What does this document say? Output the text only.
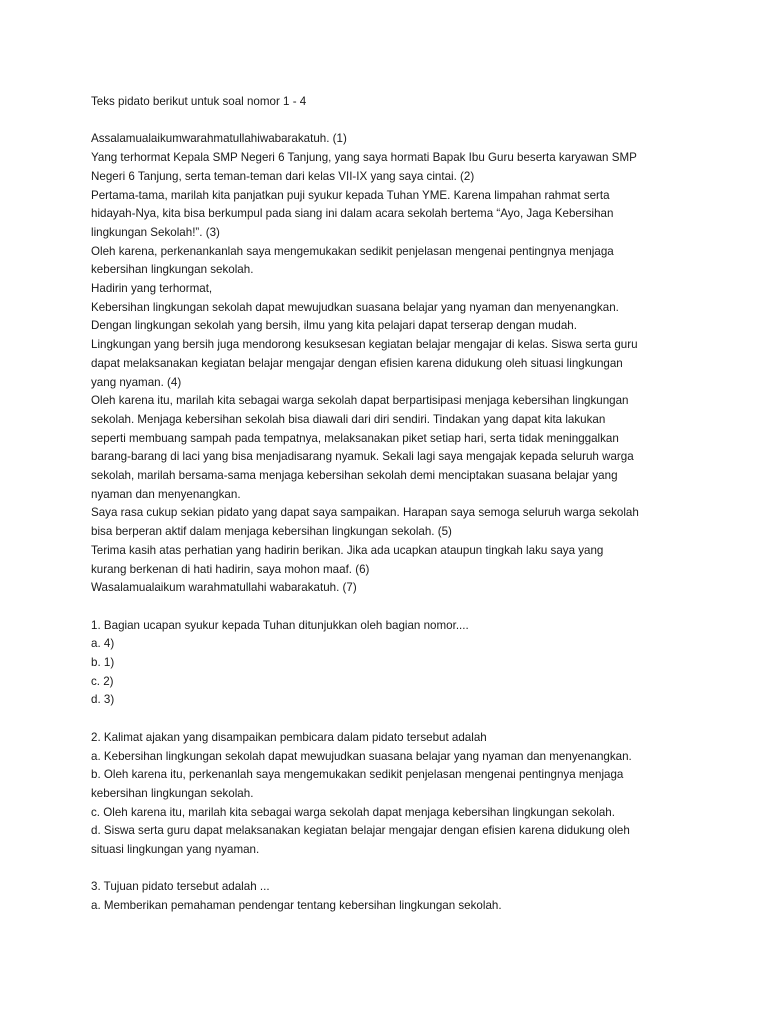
Teks pidato berikut untuk soal nomor 1 - 4
Assalamualaikumwarahmatullahiwabarakatuh. (1)
Yang terhormat Kepala SMP Negeri 6 Tanjung, yang saya hormati Bapak Ibu Guru beserta karyawan SMP
Negeri 6 Tanjung, serta teman-teman dari kelas VII-IX yang saya cintai. (2)
Pertama-tama, marilah kita panjatkan puji syukur kepada Tuhan YME. Karena limpahan rahmat serta
hidayah-Nya, kita bisa berkumpul pada siang ini dalam acara sekolah bertema “Ayo, Jaga Kebersihan
lingkungan Sekolah!”. (3)
Oleh karena, perkenankanlah saya mengemukakan sedikit penjelasan mengenai pentingnya menjaga
kebersihan lingkungan sekolah.
Hadirin yang terhormat,
Kebersihan lingkungan sekolah dapat mewujudkan suasana belajar yang nyaman dan menyenangkan.
Dengan lingkungan sekolah yang bersih, ilmu yang kita pelajari dapat terserap dengan mudah.
Lingkungan yang bersih juga mendorong kesuksesan kegiatan belajar mengajar di kelas. Siswa serta guru
dapat melaksanakan kegiatan belajar mengajar dengan efisien karena didukung oleh situasi lingkungan
yang nyaman. (4)
Oleh karena itu, marilah kita sebagai warga sekolah dapat berpartisipasi menjaga kebersihan lingkungan
sekolah. Menjaga kebersihan sekolah bisa diawali dari diri sendiri. Tindakan yang dapat kita lakukan
seperti membuang sampah pada tempatnya, melaksanakan piket setiap hari, serta tidak meninggalkan
barang-barang di laci yang bisa menjadisarang nyamuk. Sekali lagi saya mengajak kepada seluruh warga
sekolah, marilah bersama-sama menjaga kebersihan sekolah demi menciptakan suasana belajar yang
nyaman dan menyenangkan.
Saya rasa cukup sekian pidato yang dapat saya sampaikan. Harapan saya semoga seluruh warga sekolah
bisa berperan aktif dalam menjaga kebersihan lingkungan sekolah. (5)
Terima kasih atas perhatian yang hadirin berikan. Jika ada ucapkan ataupun tingkah laku saya yang
kurang berkenan di hati hadirin, saya mohon maaf. (6)
Wasalamualaikum warahmatullahi wabarakatuh. (7)
1. Bagian ucapan syukur kepada Tuhan ditunjukkan oleh bagian nomor....
a. 4)
b. 1)
c. 2)
d. 3)
2. Kalimat ajakan yang disampaikan pembicara dalam pidato tersebut adalah
a. Kebersihan lingkungan sekolah dapat mewujudkan suasana belajar yang nyaman dan menyenangkan.
b. Oleh karena itu, perkenanlah saya mengemukakan sedikit penjelasan mengenai pentingnya menjaga
kebersihan lingkungan sekolah.
c. Oleh karena itu, marilah kita sebagai warga sekolah dapat menjaga kebersihan lingkungan sekolah.
d. Siswa serta guru dapat melaksanakan kegiatan belajar mengajar dengan efisien karena didukung oleh
situasi lingkungan yang nyaman.
3. Tujuan pidato tersebut adalah ...
a. Memberikan pemahaman pendengar tentang kebersihan lingkungan sekolah.
